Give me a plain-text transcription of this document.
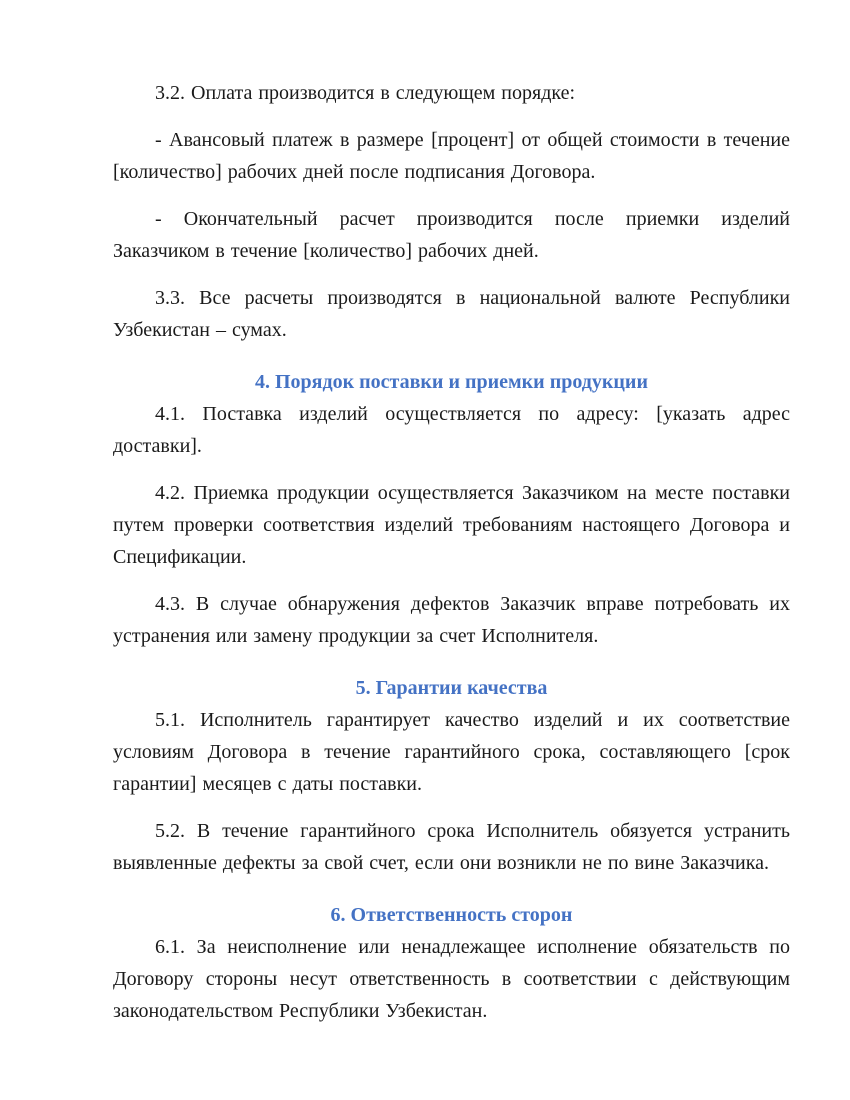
3.2. Оплата производится в следующем порядке:

- Авансовый платеж в размере [процент] от общей стоимости в течение [количество] рабочих дней после подписания Договора.

- Окончательный расчет производится после приемки изделий Заказчиком в течение [количество] рабочих дней.

3.3. Все расчеты производятся в национальной валюте Республики Узбекистан – сумах.

4. Порядок поставки и приемки продукции

4.1. Поставка изделий осуществляется по адресу: [указать адрес доставки].

4.2. Приемка продукции осуществляется Заказчиком на месте поставки путем проверки соответствия изделий требованиям настоящего Договора и Спецификации.

4.3. В случае обнаружения дефектов Заказчик вправе потребовать их устранения или замену продукции за счет Исполнителя.

5. Гарантии качества

5.1. Исполнитель гарантирует качество изделий и их соответствие условиям Договора в течение гарантийного срока, составляющего [срок гарантии] месяцев с даты поставки.

5.2. В течение гарантийного срока Исполнитель обязуется устранить выявленные дефекты за свой счет, если они возникли не по вине Заказчика.

6. Ответственность сторон

6.1. За неисполнение или ненадлежащее исполнение обязательств по Договору стороны несут ответственность в соответствии с действующим законодательством Республики Узбекистан.
